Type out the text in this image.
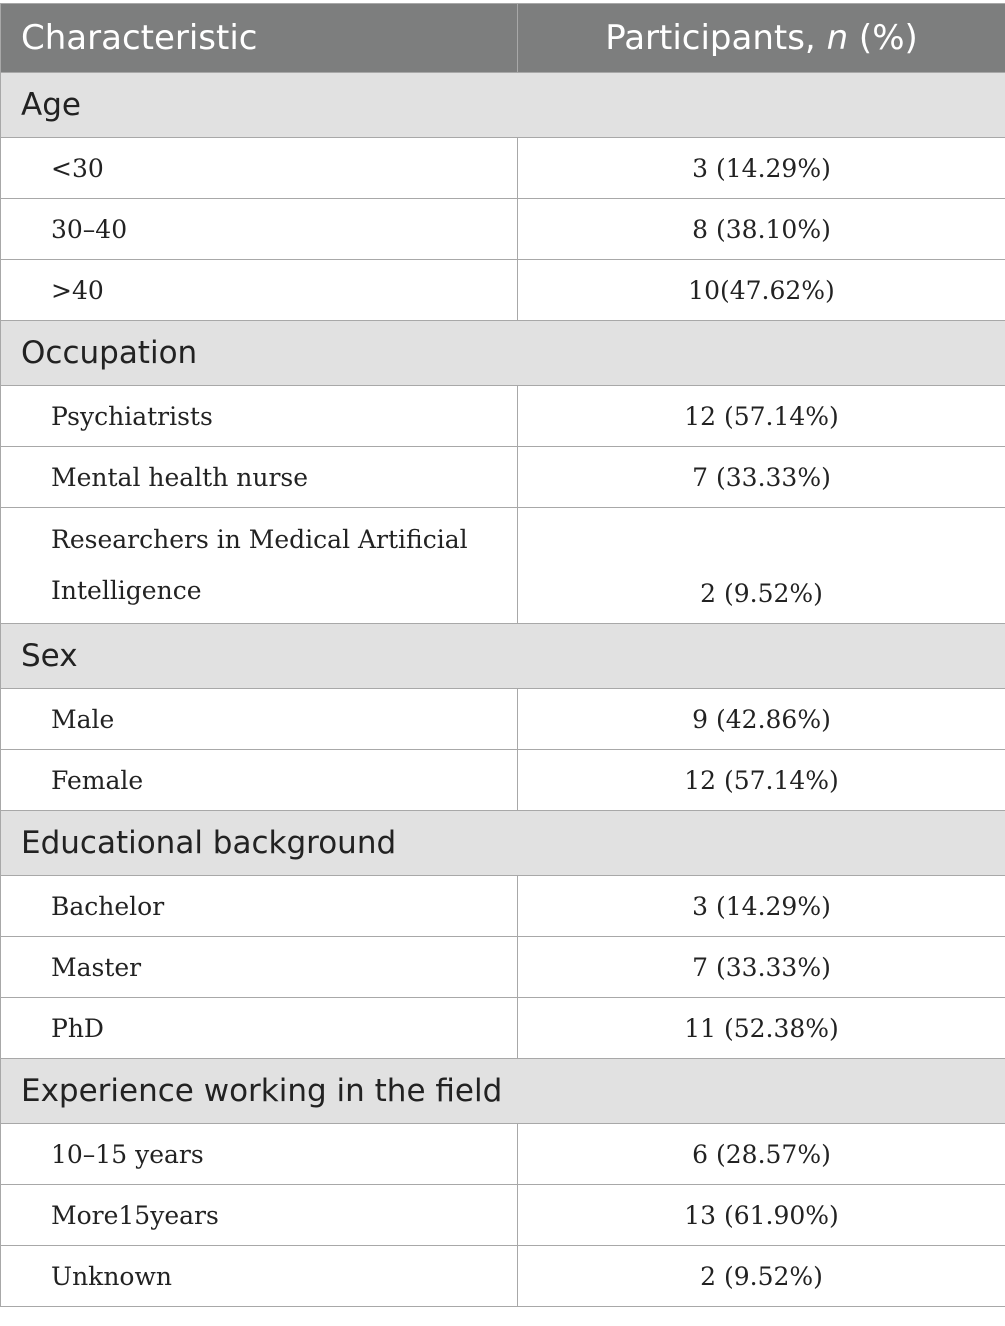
Characteristic	Participants, n (%)
Age	
<30	3 (14.29%)
30–40	8 (38.10%)
>40	10(47.62%)
Occupation	
Psychiatrists	12 (57.14%)
Mental health nurse	7 (33.33%)
Researchers in Medical Artificial Intelligence	2 (9.52%)
Sex	
Male	9 (42.86%)
Female	12 (57.14%)
Educational background	
Bachelor	3 (14.29%)
Master	7 (33.33%)
PhD	11 (52.38%)
Experience working in the field	
10–15 years	6 (28.57%)
More15years	13 (61.90%)
Unknown	2 (9.52%)
